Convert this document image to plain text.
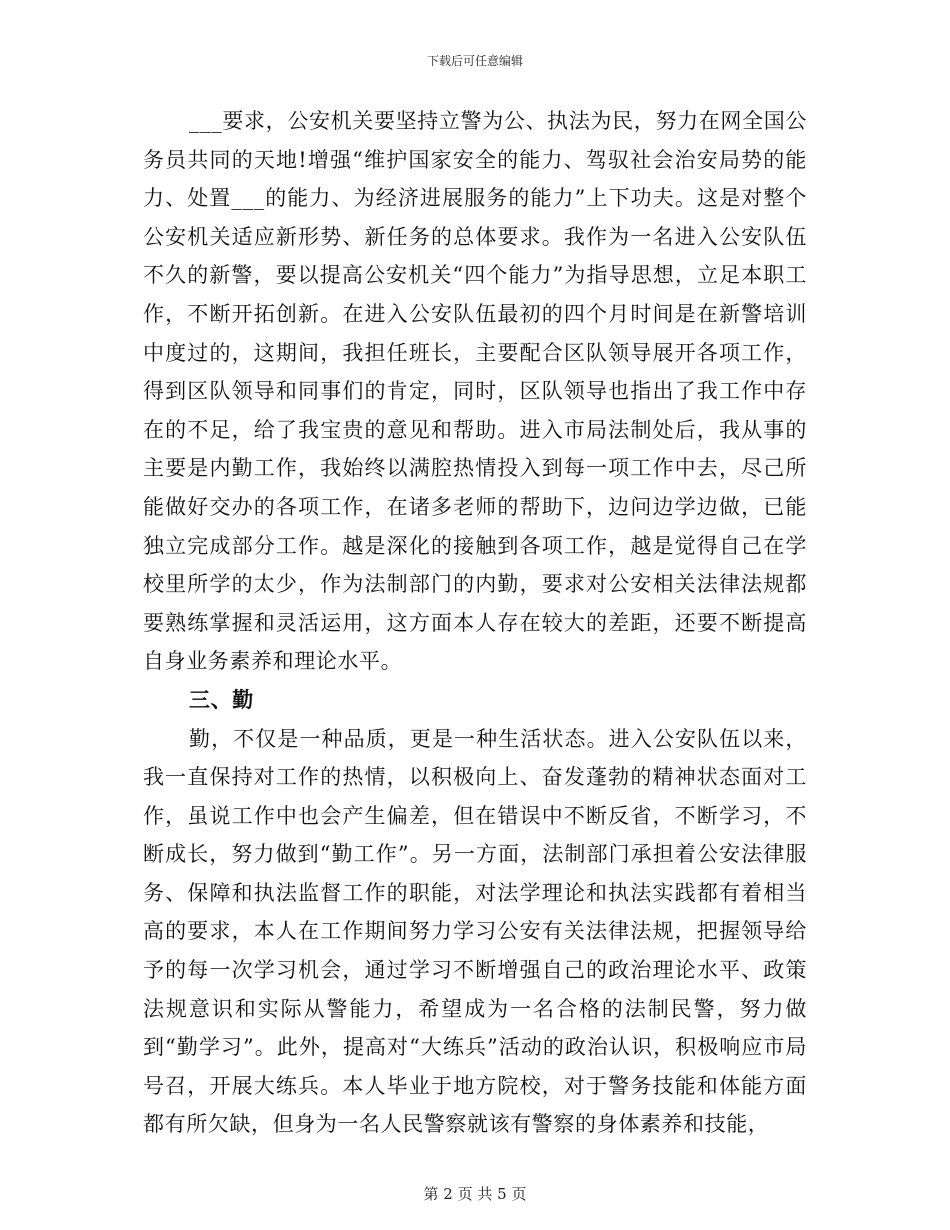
下载后可任意编辑

___要求，公安机关要坚持立警为公、执法为民，努力在网全国公务员共同的天地!增强“维护国家安全的能力、驾驭社会治安局势的能力、处置___的能力、为经济进展服务的能力”上下功夫。这是对整个公安机关适应新形势、新任务的总体要求。我作为一名进入公安队伍不久的新警，要以提高公安机关“四个能力”为指导思想，立足本职工作，不断开拓创新。在进入公安队伍最初的四个月时间是在新警培训中度过的，这期间，我担任班长，主要配合区队领导展开各项工作，得到区队领导和同事们的肯定，同时，区队领导也指出了我工作中存在的不足，给了我宝贵的意见和帮助。进入市局法制处后，我从事的主要是内勤工作，我始终以满腔热情投入到每一项工作中去，尽己所能做好交办的各项工作，在诸多老师的帮助下，边问边学边做，已能独立完成部分工作。越是深化的接触到各项工作，越是觉得自己在学校里所学的太少，作为法制部门的内勤，要求对公安相关法律法规都要熟练掌握和灵活运用，这方面本人存在较大的差距，还要不断提高自身业务素养和理论水平。

三、勤

勤，不仅是一种品质，更是一种生活状态。进入公安队伍以来，我一直保持对工作的热情，以积极向上、奋发蓬勃的精神状态面对工作，虽说工作中也会产生偏差，但在错误中不断反省，不断学习，不断成长，努力做到“勤工作”。另一方面，法制部门承担着公安法律服务、保障和执法监督工作的职能，对法学理论和执法实践都有着相当高的要求，本人在工作期间努力学习公安有关法律法规，把握领导给予的每一次学习机会，通过学习不断增强自己的政治理论水平、政策法规意识和实际从警能力，希望成为一名合格的法制民警，努力做到“勤学习”。此外，提高对“大练兵”活动的政治认识，积极响应市局号召，开展大练兵。本人毕业于地方院校，对于警务技能和体能方面都有所欠缺，但身为一名人民警察就该有警察的身体素养和技能，

第 2 页 共 5 页
